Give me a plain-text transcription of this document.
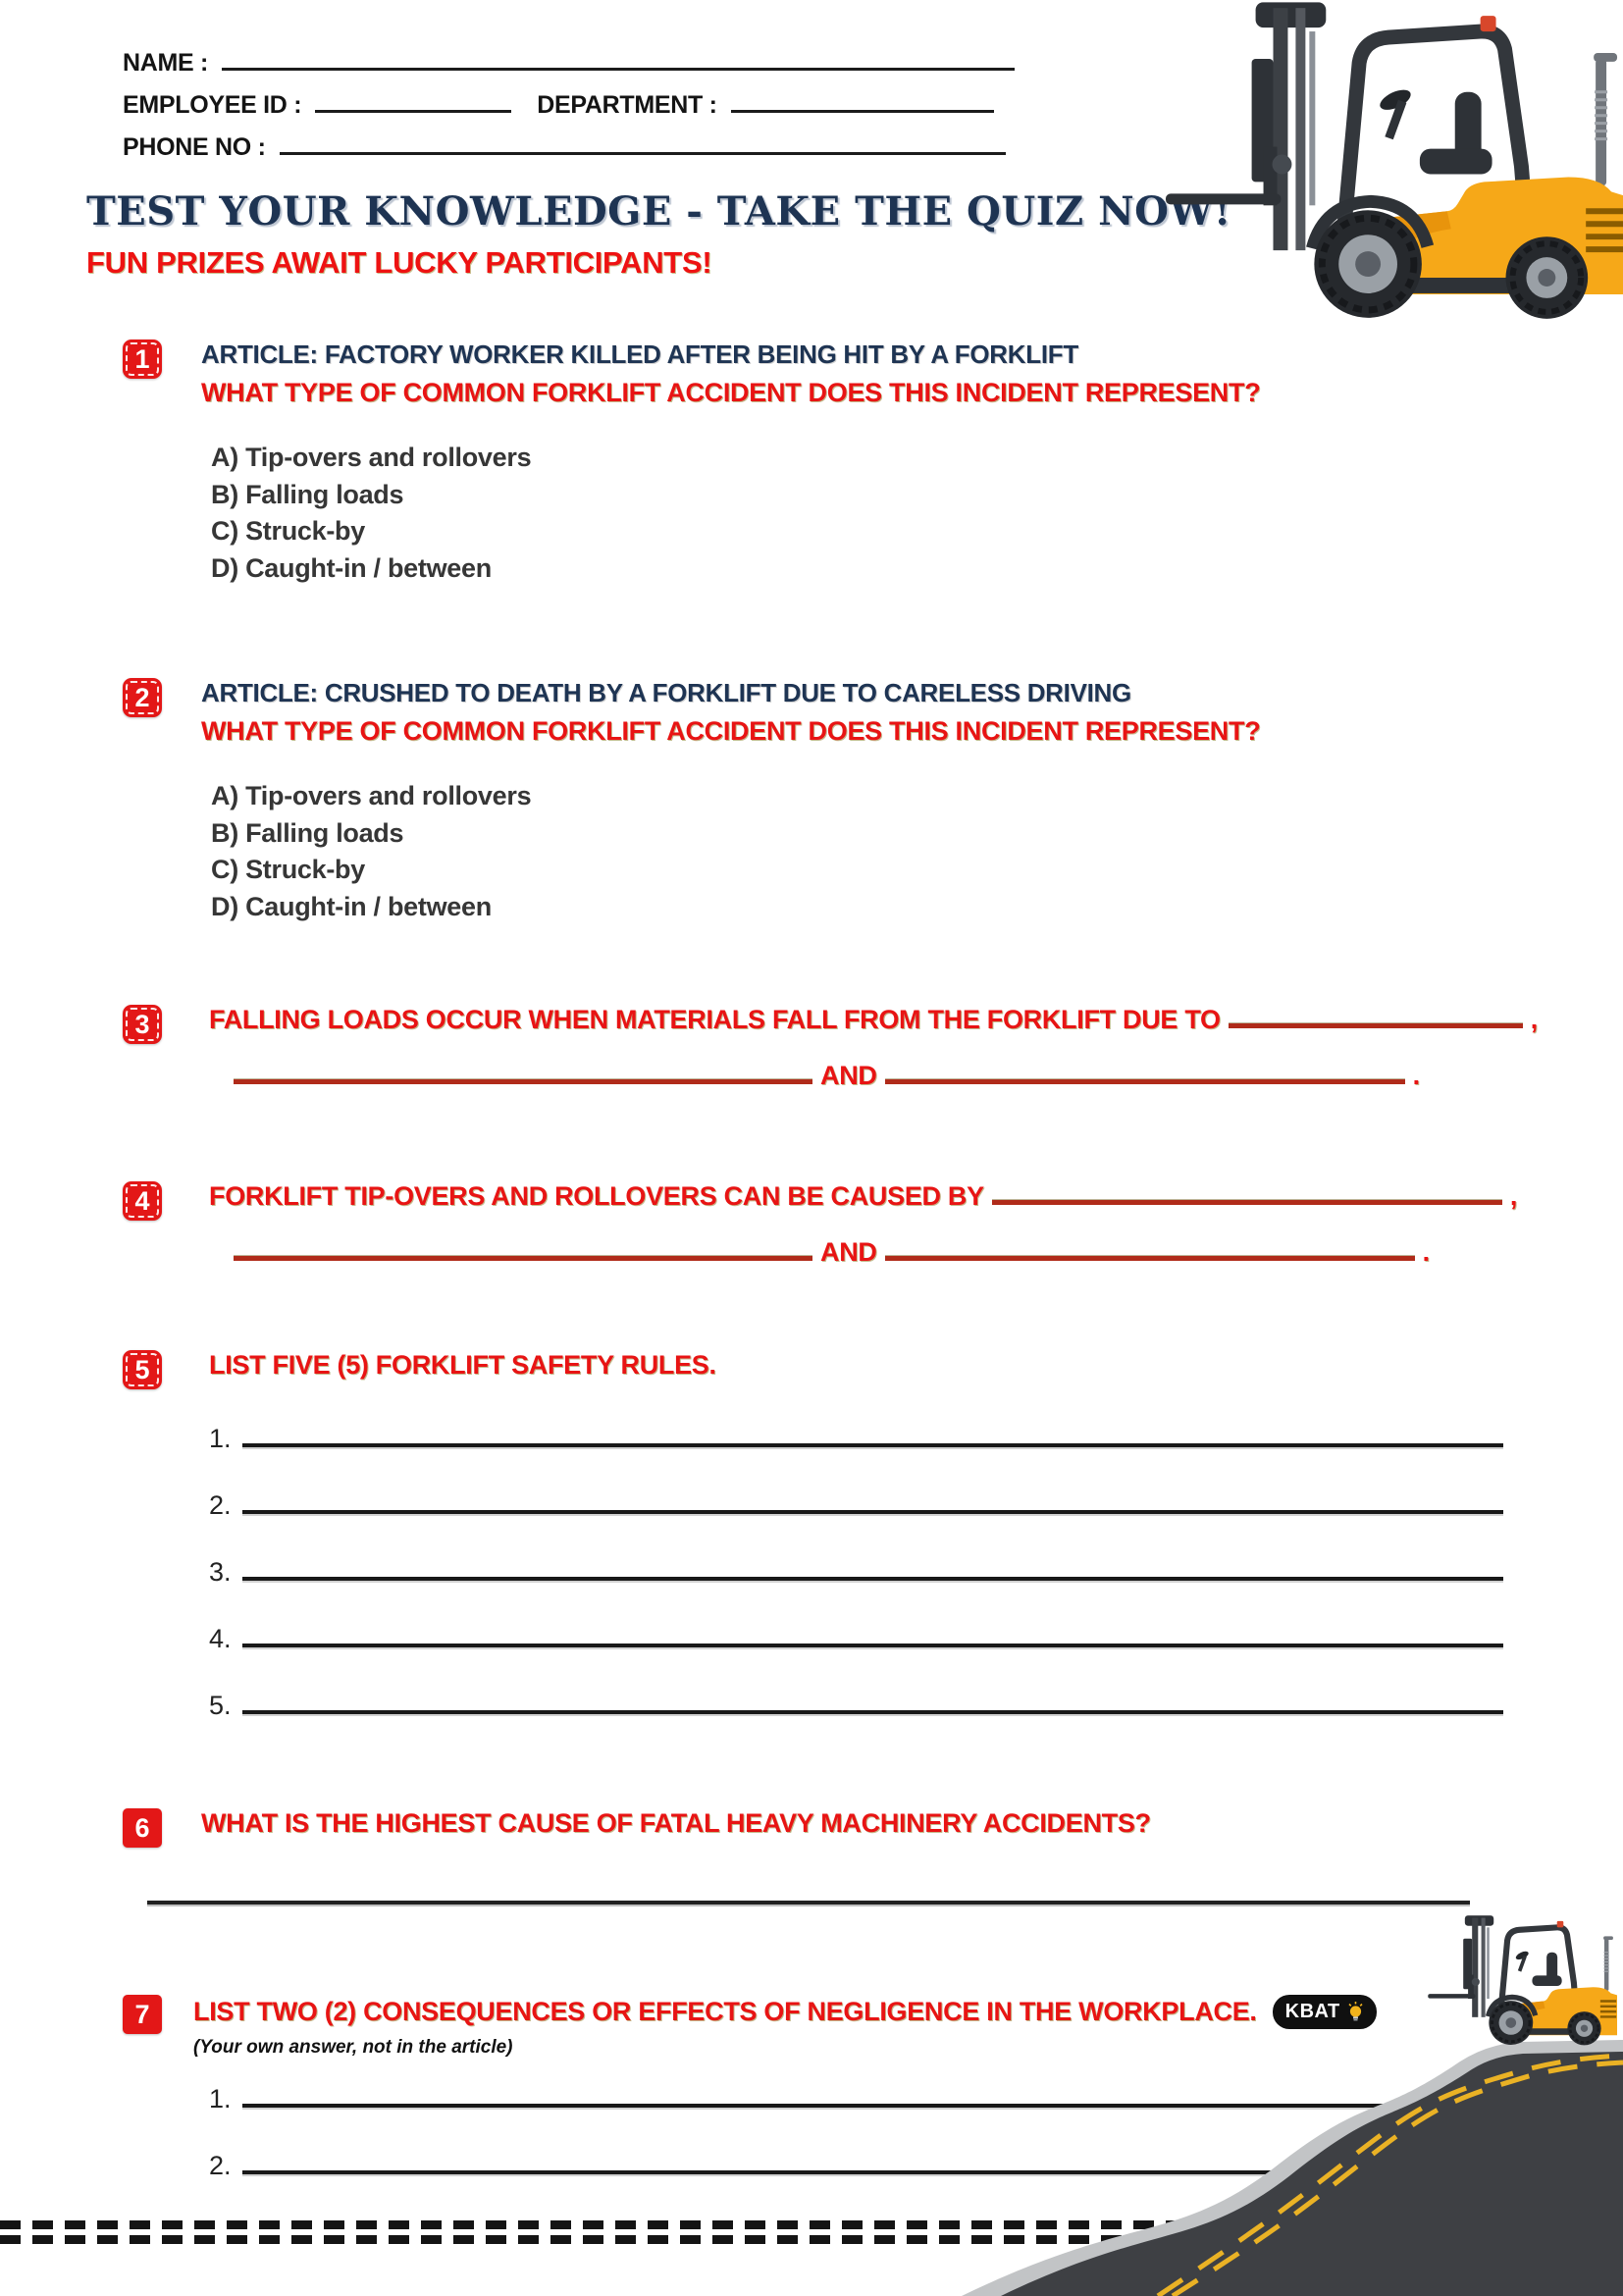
NAME :
EMPLOYEE ID :	DEPARTMENT :
PHONE NO :
TEST YOUR KNOWLEDGE - TAKE THE QUIZ NOW!
FUN PRIZES AWAIT LUCKY PARTICIPANTS!
1	ARTICLE: FACTORY WORKER KILLED AFTER BEING HIT BY A FORKLIFT
WHAT TYPE OF COMMON FORKLIFT ACCIDENT DOES THIS INCIDENT REPRESENT?
A) Tip-overs and rollovers
B) Falling loads
C) Struck-by
D) Caught-in / between
2	ARTICLE: CRUSHED TO DEATH BY A FORKLIFT DUE TO CARELESS DRIVING
WHAT TYPE OF COMMON FORKLIFT ACCIDENT DOES THIS INCIDENT REPRESENT?
A) Tip-overs and rollovers
B) Falling loads
C) Struck-by
D) Caught-in / between
3	FALLING LOADS OCCUR WHEN MATERIALS FALL FROM THE FORKLIFT DUE TO	,
AND	.
4	FORKLIFT TIP-OVERS AND ROLLOVERS CAN BE CAUSED BY	,
AND	.
5	LIST FIVE (5) FORKLIFT SAFETY RULES.
1.
2.
3.
4.
5.
6	WHAT IS THE HIGHEST CAUSE OF FATAL HEAVY MACHINERY ACCIDENTS?
7	LIST TWO (2) CONSEQUENCES OR EFFECTS OF NEGLIGENCE IN THE WORKPLACE. KBAT
(Your own answer, not in the article)
1.
2.
